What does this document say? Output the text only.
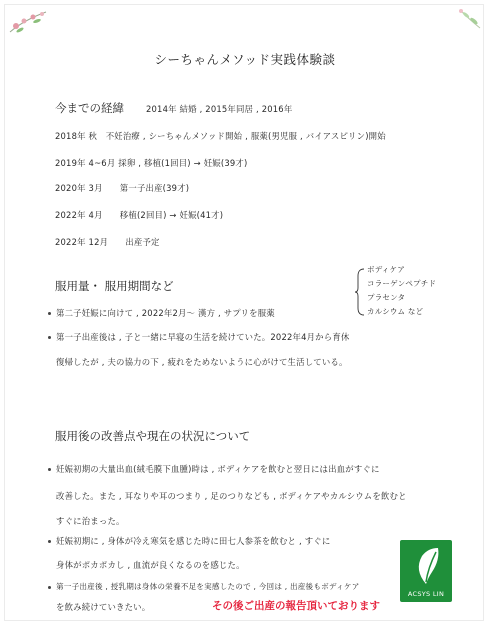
シーちゃんメソッド実践体験談
今までの経緯	2014年 結婚 , 2015年同居 , 2016年
2018年 秋　不妊治療 , シーちゃんメソッド開始 , 服薬(男児服 , バイアスピリン)開始
2019年 4~6月 採卵 , 移植(1回目) → 妊娠(39才)
2020年 3月　　第一子出産(39才)
2022年 4月　　移植(2回目) → 妊娠(41才)
2022年 12月　　出産予定
服用量・ 服用期間など
ボディケア
コラーゲンペプチド
プラセンタ
カルシウム など
第二子妊娠に向けて , 2022年2月〜 漢方 , サプリを服薬
第一子出産後は , 子と一緒に早寝の生活を続けていた。2022年4月から育休
復帰したが , 夫の協力の下 , 疲れをためないように心がけて生活している。
服用後の改善点や現在の状況について
妊娠初期の大量出血(絨毛膜下血腫)時は , ボディケアを飲むと翌日には出血がすぐに
改善した。また , 耳なりや耳のつまり , 足のつりなども , ボディケアやカルシウムを飲むと
すぐに治まった。
妊娠初期に , 身体が冷え寒気を感じた時に田七人参茶を飲むと , すぐに
身体がポカポカし , 血流が良くなるのを感じた。
第一子出産後 , 授乳期は身体の栄養不足を実感したので , 今回は , 出産後もボディケア
を飲み続けていきたい。
ACSYS LIN
その後ご出産の報告頂いております
